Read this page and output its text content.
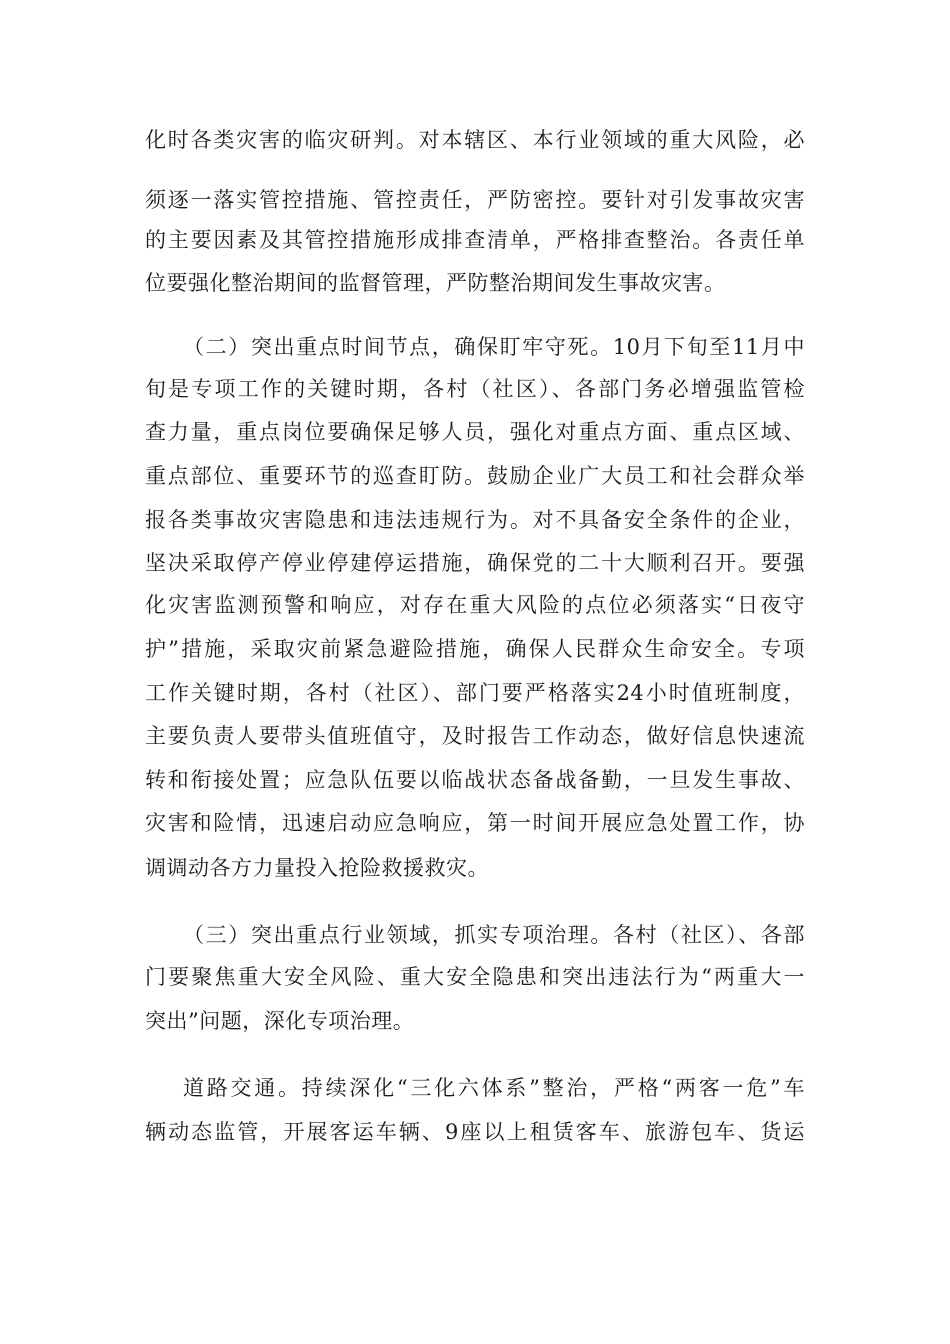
化时各类灾害的临灾研判。对本辖区、本行业领域的重大风险，必
须逐一落实管控措施、管控责任，严防密控。要针对引发事故灾害
的主要因素及其管控措施形成排查清单，严格排查整治。各责任单
位要强化整治期间的监督管理，严防整治期间发生事故灾害。
（二）突出重点时间节点，确保盯牢守死。10月下旬至11月中
旬是专项工作的关键时期，各村（社区）、各部门务必增强监管检
查力量，重点岗位要确保足够人员，强化对重点方面、重点区域、
重点部位、重要环节的巡查盯防。鼓励企业广大员工和社会群众举
报各类事故灾害隐患和违法违规行为。对不具备安全条件的企业，
坚决采取停产停业停建停运措施，确保党的二十大顺利召开。要强
化灾害监测预警和响应，对存在重大风险的点位必须落实“日夜守
护”措施，采取灾前紧急避险措施，确保人民群众生命安全。专项
工作关键时期，各村（社区）、部门要严格落实24小时值班制度，
主要负责人要带头值班值守，及时报告工作动态，做好信息快速流
转和衔接处置；应急队伍要以临战状态备战备勤，一旦发生事故、
灾害和险情，迅速启动应急响应，第一时间开展应急处置工作，协
调调动各方力量投入抢险救援救灾。
（三）突出重点行业领域，抓实专项治理。各村（社区）、各部
门要聚焦重大安全风险、重大安全隐患和突出违法行为“两重大一
突出”问题，深化专项治理。
道路交通。持续深化“三化六体系”整治，严格“两客一危”车
辆动态监管，开展客运车辆、9座以上租赁客车、旅游包车、货运
